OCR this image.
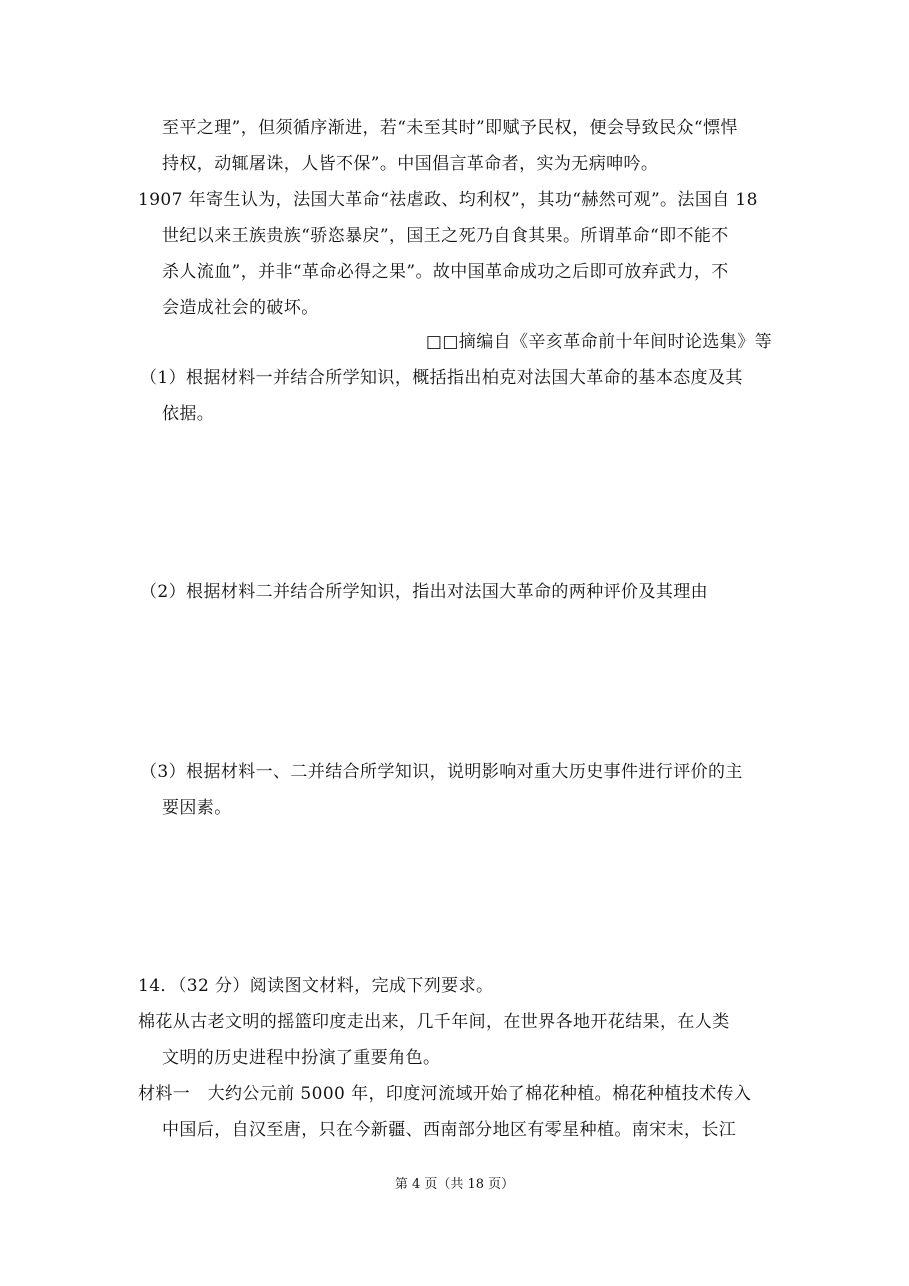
至平之理”，但须循序渐进，若“未至其时”即赋予民权，便会导致民众“慓悍
持权，动辄屠诛，人皆不保”。中国倡言革命者，实为无病呻吟。
1907 年寄生认为，法国大革命“祛虐政、均利权”，其功“赫然可观”。法国自 18
世纪以来王族贵族“骄恣暴戾”，国王之死乃自食其果。所谓革命“即不能不
杀人流血”，并非“革命必得之果”。故中国革命成功之后即可放弃武力，不
会造成社会的破坏。
□□摘编自《辛亥革命前十年间时论选集》等
（1）根据材料一并结合所学知识，概括指出柏克对法国大革命的基本态度及其
依据。
（2）根据材料二并结合所学知识，指出对法国大革命的两种评价及其理由
（3）根据材料一、二并结合所学知识，说明影响对重大历史事件进行评价的主
要因素。
14．（32 分）阅读图文材料，完成下列要求。
棉花从古老文明的摇篮印度走出来，几千年间，在世界各地开花结果，在人类
文明的历史进程中扮演了重要角色。
材料一　大约公元前 5000 年，印度河流域开始了棉花种植。棉花种植技术传入
中国后，自汉至唐，只在今新疆、西南部分地区有零星种植。南宋末，长江
第 4 页（共 18 页）
